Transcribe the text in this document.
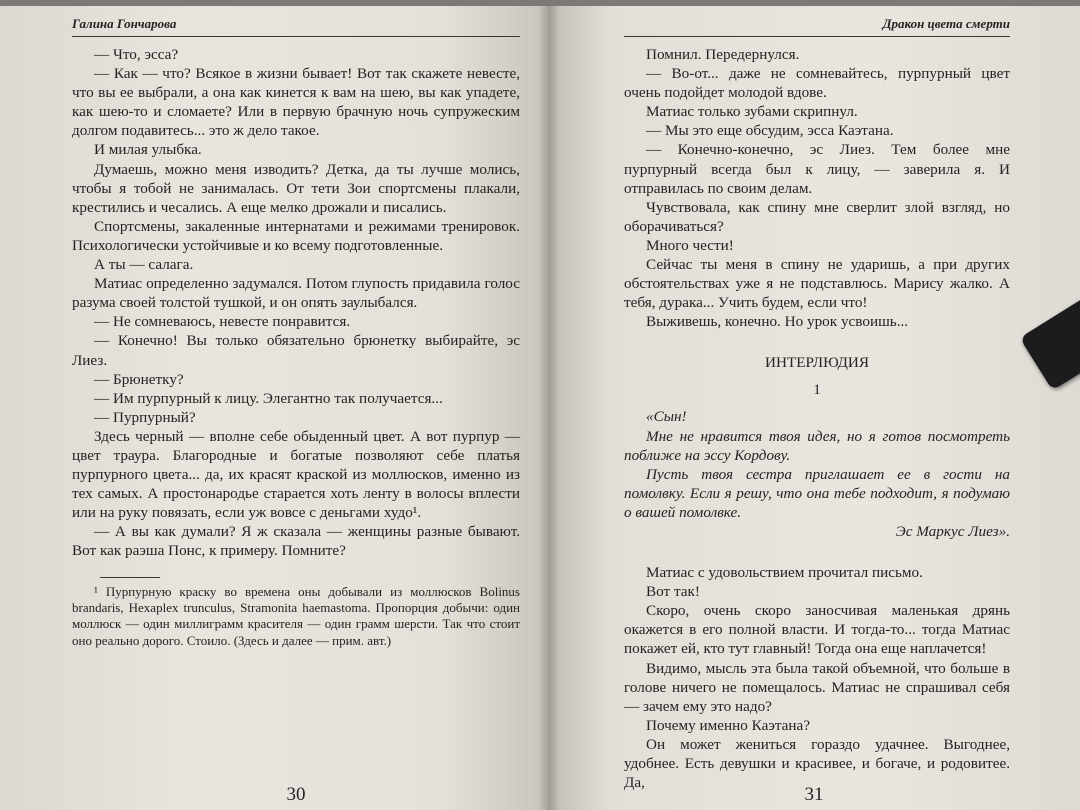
Галина Гончарова

— Что, эсса?

— Как — что? Всякое в жизни бывает! Вот так скажете невесте, что вы ее выбрали, а она как кинется к вам на шею, вы как упадете, как шею-то и сломаете? Или в первую брачную ночь супружеским долгом подавитесь... это ж дело такое.

И милая улыбка.

Думаешь, можно меня изводить? Детка, да ты лучше молись, чтобы я тобой не занималась. От тети Зои спортсмены плакали, крестились и чесались. А еще мелко дрожали и писались.

Спортсмены, закаленные интернатами и режимами тренировок. Психологически устойчивые и ко всему подготовленные.

А ты — салага.

Матиас определенно задумался. Потом глупость придавила голос разума своей толстой тушкой, и он опять заулыбался.

— Не сомневаюсь, невесте понравится.

— Конечно! Вы только обязательно брюнетку выбирайте, эс Лиез.

— Брюнетку?

— Им пурпурный к лицу. Элегантно так получается...

— Пурпурный?

Здесь черный — вполне себе обыденный цвет. А вот пурпур — цвет траура. Благородные и богатые позволяют себе платья пурпурного цвета... да, их красят краской из моллюсков, именно из тех самых. А простонародье старается хоть ленту в волосы вплести или на руку повязать, если уж вовсе с деньгами худо¹.

— А вы как думали? Я ж сказала — женщины разные бывают. Вот как раэша Понс, к примеру. Помните?

¹ Пурпурную краску во времена оны добывали из моллюсков Bolinus brandaris, Hexaplex trunculus, Stramonita haemastoma. Пропорция добычи: один моллюск — один миллиграмм красителя — один грамм шерсти. Так что стоит оно реально дорого. Стоило. (Здесь и далее — прим. авт.)

30
Дракон цвета смерти

Помнил. Передернулся.

— Во-от... даже не сомневайтесь, пурпурный цвет очень подойдет молодой вдове.

Матиас только зубами скрипнул.

— Мы это еще обсудим, эсса Каэтана.

— Конечно-конечно, эс Лиез. Тем более мне пурпурный всегда был к лицу, — заверила я. И отправилась по своим делам.

Чувствовала, как спину мне сверлит злой взгляд, но оборачиваться?

Много чести!

Сейчас ты меня в спину не ударишь, а при других обстоятельствах уже я не подставлюсь. Марису жалко. А тебя, дурака... Учить будем, если что!

Выживешь, конечно. Но урок усвоишь...

ИНТЕРЛЮДИЯ

1

«Сын!

Мне не нравится твоя идея, но я готов посмотреть поближе на эссу Кордову.

Пусть твоя сестра приглашает ее в гости на помолвку. Если я решу, что она тебе подходит, я подумаю о вашей помолвке.

Эс Маркус Лиез».

Матиас с удовольствием прочитал письмо.

Вот так!

Скоро, очень скоро заносчивая маленькая дрянь окажется в его полной власти. И тогда-то... тогда Матиас покажет ей, кто тут главный! Тогда она еще наплачется!

Видимо, мысль эта была такой объемной, что больше в голове ничего не помещалось. Матиас не спрашивал себя — зачем ему это надо?

Почему именно Каэтана?

Он может жениться гораздо удачнее. Выгоднее, удобнее. Есть девушки и красивее, и богаче, и родовитее. Да,

31
